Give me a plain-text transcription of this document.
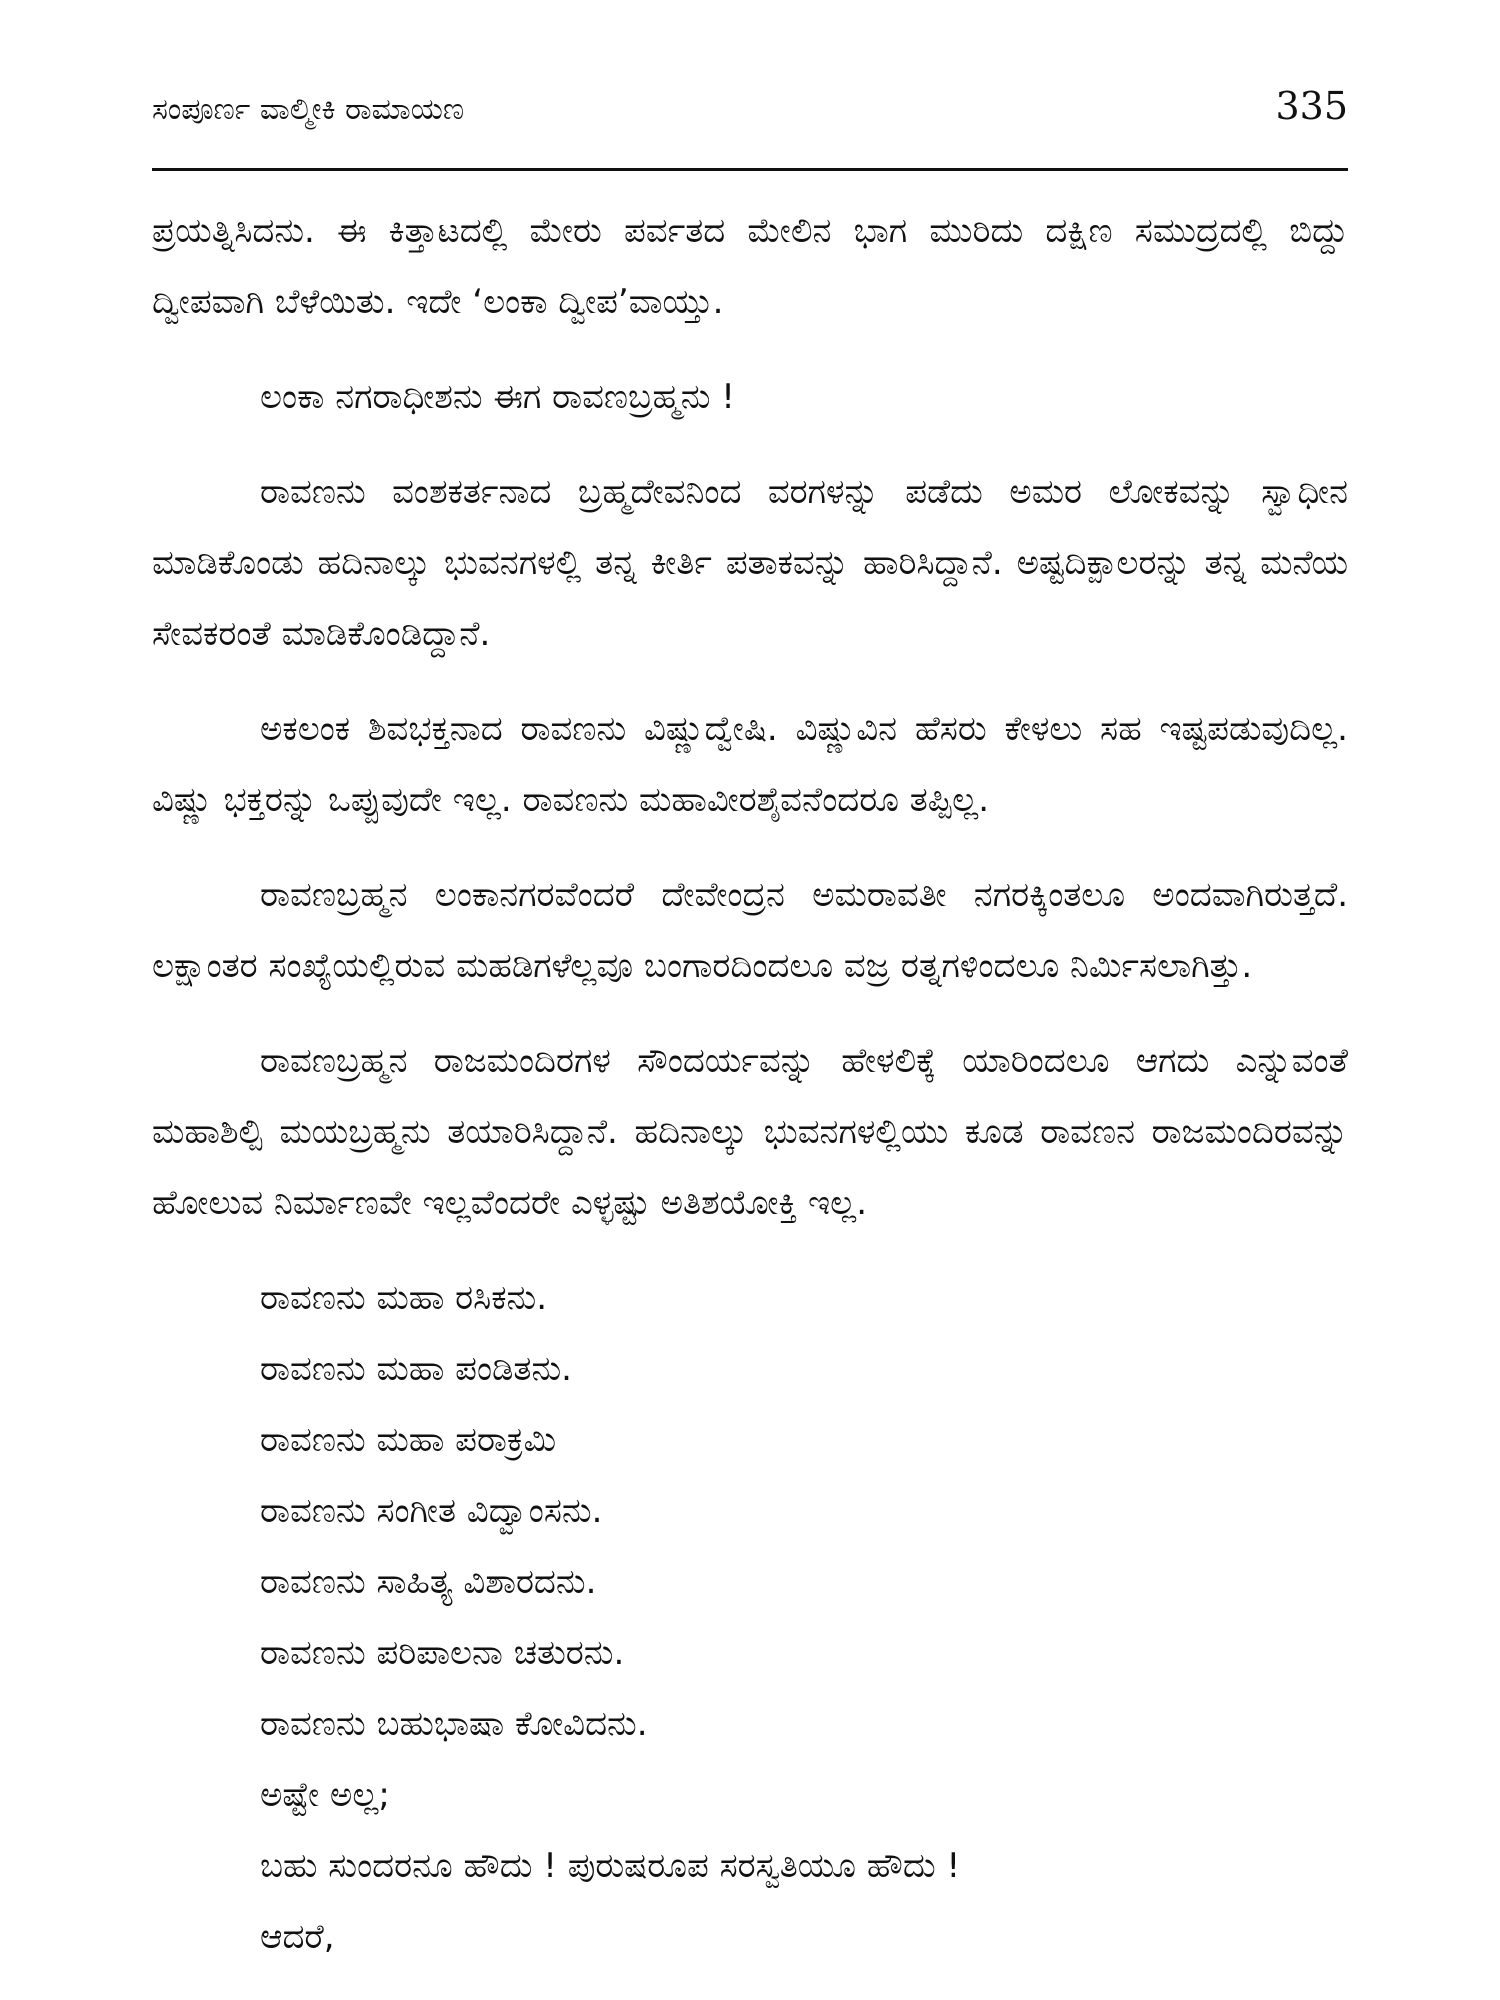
ಸಂಪೂರ್ಣ ವಾಲ್ಮೀಕಿ ರಾಮಾಯಣ	335

ಪ್ರಯತ್ನಿಸಿದನು. ಈ ಕಿತ್ತಾಟದಲ್ಲಿ ಮೇರು ಪರ್ವತದ ಮೇಲಿನ ಭಾಗ ಮುರಿದು ದಕ್ಷಿಣ ಸಮುದ್ರದಲ್ಲಿ ಬಿದ್ದು ದ್ವೀಪವಾಗಿ ಬೆಳೆಯಿತು. ಇದೇ ‘ಲಂಕಾ ದ್ವೀಪ’ವಾಯ್ತು.

ಲಂಕಾ ನಗರಾಧೀಶನು ಈಗ ರಾವಣಬ್ರಹ್ಮನು !

ರಾವಣನು ವಂಶಕರ್ತನಾದ ಬ್ರಹ್ಮದೇವನಿಂದ ವರಗಳನ್ನು ಪಡೆದು ಅಮರ ಲೋಕವನ್ನು ಸ್ವಾಧೀನ ಮಾಡಿಕೊಂಡು ಹದಿನಾಲ್ಕು ಭುವನಗಳಲ್ಲಿ ತನ್ನ ಕೀರ್ತಿ ಪತಾಕವನ್ನು ಹಾರಿಸಿದ್ದಾನೆ. ಅಷ್ಟದಿಕ್ಪಾಲರನ್ನು ತನ್ನ ಮನೆಯ ಸೇವಕರಂತೆ ಮಾಡಿಕೊಂಡಿದ್ದಾನೆ.

ಅಕಲಂಕ ಶಿವಭಕ್ತನಾದ ರಾವಣನು ವಿಷ್ಣುದ್ವೇಷಿ. ವಿಷ್ಣುವಿನ ಹೆಸರು ಕೇಳಲು ಸಹ ಇಷ್ಟಪಡುವುದಿಲ್ಲ. ವಿಷ್ಣು ಭಕ್ತರನ್ನು ಒಪ್ಪುವುದೇ ಇಲ್ಲ. ರಾವಣನು ಮಹಾವೀರಶೈವನೆಂದರೂ ತಪ್ಪಿಲ್ಲ.

ರಾವಣಬ್ರಹ್ಮನ ಲಂಕಾನಗರವೆಂದರೆ ದೇವೇಂದ್ರನ ಅಮರಾವತೀ ನಗರಕ್ಕಿಂತಲೂ ಅಂದವಾಗಿರುತ್ತದೆ. ಲಕ್ಷಾಂತರ ಸಂಖ್ಯೆಯಲ್ಲಿರುವ ಮಹಡಿಗಳೆಲ್ಲವೂ ಬಂಗಾರದಿಂದಲೂ ವಜ್ರ ರತ್ನಗಳಿಂದಲೂ ನಿರ್ಮಿಸಲಾಗಿತ್ತು.

ರಾವಣಬ್ರಹ್ಮನ ರಾಜಮಂದಿರಗಳ ಸೌಂದರ್ಯವನ್ನು ಹೇಳಲಿಕ್ಕೆ ಯಾರಿಂದಲೂ ಆಗದು ಎನ್ನುವಂತೆ ಮಹಾಶಿಲ್ಪಿ ಮಯಬ್ರಹ್ಮನು ತಯಾರಿಸಿದ್ದಾನೆ. ಹದಿನಾಲ್ಕು ಭುವನಗಳಲ್ಲಿಯು ಕೂಡ ರಾವಣನ ರಾಜಮಂದಿರವನ್ನು ಹೋಲುವ ನಿರ್ಮಾಣವೇ ಇಲ್ಲವೆಂದರೇ ಎಳ್ಳಷ್ಟು ಅತಿಶಯೋಕ್ತಿ ಇಲ್ಲ.

ರಾವಣನು ಮಹಾ ರಸಿಕನು.

ರಾವಣನು ಮಹಾ ಪಂಡಿತನು.

ರಾವಣನು ಮಹಾ ಪರಾಕ್ರಮಿ

ರಾವಣನು ಸಂಗೀತ ವಿದ್ವಾಂಸನು.

ರಾವಣನು ಸಾಹಿತ್ಯ ವಿಶಾರದನು.

ರಾವಣನು ಪರಿಪಾಲನಾ ಚತುರನು.

ರಾವಣನು ಬಹುಭಾಷಾ ಕೋವಿದನು.

ಅಷ್ಟೇ ಅಲ್ಲ;

ಬಹು ಸುಂದರನೂ ಹೌದು ! ಪುರುಷರೂಪ ಸರಸ್ವತಿಯೂ ಹೌದು !

ಆದರೆ,
